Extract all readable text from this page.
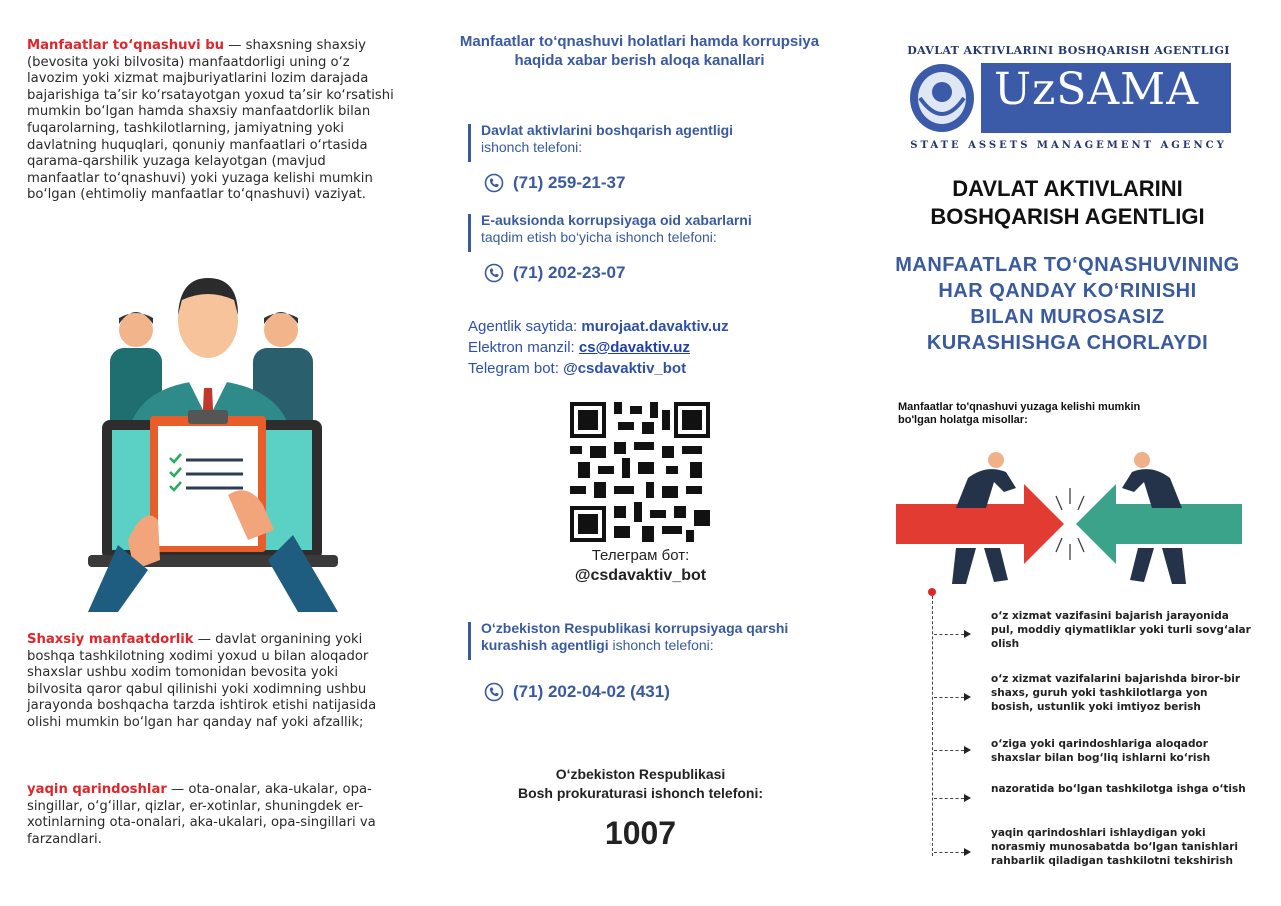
Manfaatlar to‘qnashuvi bu — shaxsning shaxsiy (bevosita yoki bilvosita) manfaatdorligi uning o‘z lavozim yoki xizmat majburiyatlarini lozim darajada bajarishiga ta’sir ko‘rsatayotgan yoxud ta’sir ko‘rsatishi mumkin bo‘lgan hamda shaxsiy manfaatdorlik bilan fuqarolarning, tashkilotlarning, jamiyatning yoki davlatning huquqlari, qonuniy manfaatlari o‘rtasida qarama-qarshilik yuzaga kelayotgan (mavjud manfaatlar to‘qnashuvi) yoki yuzaga kelishi mumkin bo‘lgan (ehtimoliy manfaatlar to‘qnashuvi) vaziyat.

Shaxsiy manfaatdorlik — davlat organining yoki boshqa tashkilotning xodimi yoxud u bilan aloqador shaxslar ushbu xodim tomonidan bevosita yoki bilvosita qaror qabul qilinishi yoki xodimning ushbu jarayonda boshqacha tarzda ishtirok etishi natijasida olishi mumkin bo‘lgan har qanday naf yoki afzallik;

yaqin qarindoshlar — ota-onalar, aka-ukalar, opa-singillar, o‘g‘illar, qizlar, er-xotinlar, shuningdek er-xotinlarning ota-onalari, aka-ukalari, opa-singillari va farzandlari.

Manfaatlar to‘qnashuvi holatlari hamda korrupsiya haqida xabar berish aloqa kanallari
Davlat aktivlarini boshqarish agentligi
ishonch telefoni:
(71) 259-21-37
E-auksionda korrupsiyaga oid xabarlarni
taqdim etish bo‘yicha ishonch telefoni:
(71) 202-23-07
Agentlik saytida: murojaat.davaktiv.uz
Elektron manzil: cs@davaktiv.uz
Telegram bot: @csdavaktiv_bot
Телеграм бот:
@csdavaktiv_bot
O‘zbekiston Respublikasi korrupsiyaga qarshi kurashish agentligi ishonch telefoni:
(71) 202-04-02 (431)
O‘zbekiston Respublikasi
Bosh prokuraturasi ishonch telefoni:
1007
DAVLAT AKTIVLARINI BOSHQARISH AGENTLIGI
UzSAMA
STATE ASSETS MANAGEMENT AGENCY
DAVLAT AKTIVLARINI
BOSHQARISH AGENTLIGI
MANFAATLAR TO‘QNASHUVINING
HAR QANDAY KO‘RINISHI
BILAN MUROSASIZ
KURASHISHGA CHORLAYDI
Manfaatlar to'qnashuvi yuzaga kelishi mumkin bo'lgan holatga misollar:
o‘z xizmat vazifasini bajarish jarayonida pul, moddiy qiymatliklar yoki turli sovg‘alar olish
o‘z xizmat vazifalarini bajarishda biror-bir shaxs, guruh yoki tashkilotlarga yon bosish, ustunlik yoki imtiyoz berish
o‘ziga yoki qarindoshlariga aloqador shaxslar bilan bog‘liq ishlarni ko‘rish
nazoratida bo‘lgan tashkilotga ishga o‘tish
yaqin qarindoshlari ishlaydigan yoki norasmiy munosabatda bo‘lgan tanishlari rahbarlik qiladigan tashkilotni tekshirish
